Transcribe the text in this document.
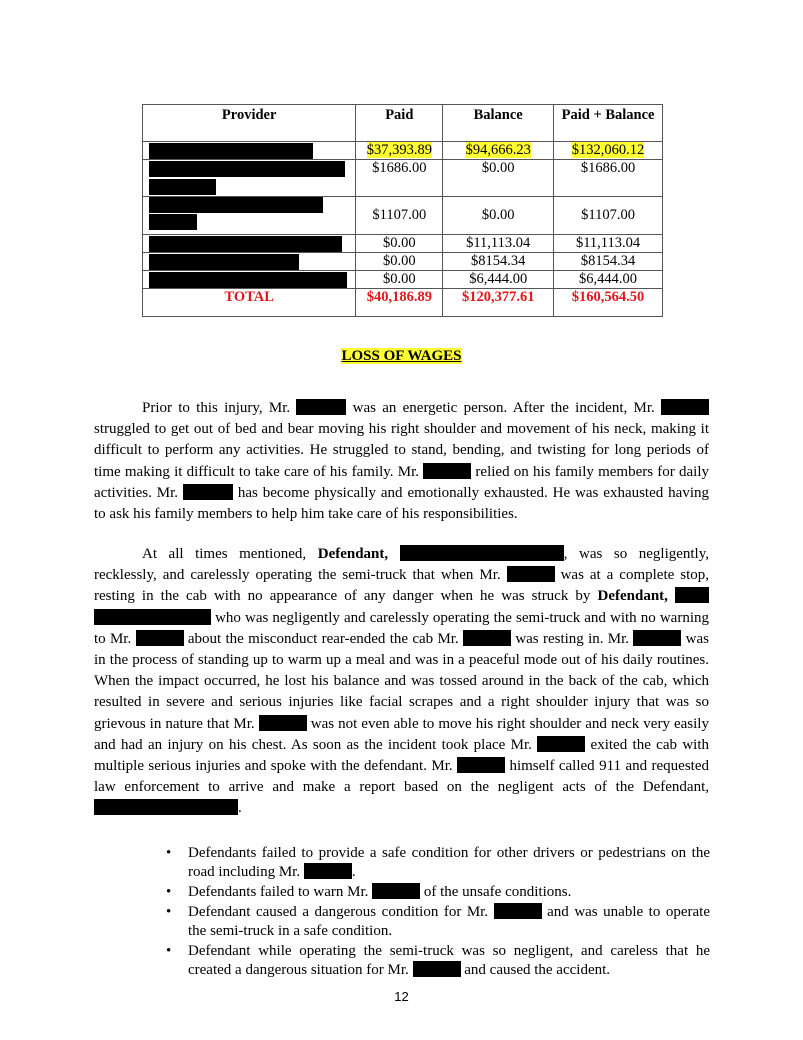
Provider	Paid	Balance	Paid + Balance

	$37,393.89	$94,666.23	$132,060.12

	$1686.00	$0.00	$1686.00

	$1107.00	$0.00	$1107.00

	$0.00	$11,113.04	$11,113.04

	$0.00	$8154.34	$8154.34

	$0.00	$6,444.00	$6,444.00
TOTAL	$40,186.89	$120,377.61	$160,564.50
LOSS OF WAGES

Prior to this injury, Mr.	was an energetic person. After the incident, Mr.  struggled to get out of bed and bear moving his right shoulder and movement of his neck, making it difficult to perform any activities. He struggled to stand, bending, and twisting for long periods of time making it difficult to take care of his family. Mr.	relied on his family members for daily activities. Mr.	has become physically and emotionally exhausted. He was exhausted having to ask his family members to help him take care of his responsibilities.

At all times mentioned, Defendant,	, was so negligently, recklessly, and carelessly operating the semi-truck that when Mr.	was at a complete stop, resting in the cab with no appearance of any danger when he was struck by Defendant,   who was negligently and carelessly operating the semi-truck and with no warning to Mr.	about the misconduct rear-ended the cab Mr.	was resting in. Mr.	was in the process of standing up to warm up a meal and was in a peaceful mode out of his daily routines. When the impact occurred, he lost his balance and was tossed around in the back of the cab, which resulted in severe and serious injuries like facial scrapes and a right shoulder injury that was so grievous in nature that Mr.	was not even able to move his right shoulder and neck very easily and had an injury on his chest. As soon as the incident took place Mr.	exited the cab with multiple serious injuries and spoke with the defendant. Mr.	himself called 911 and requested law enforcement to arrive and make a report based on the negligent acts of the Defendant, .

• Defendants failed to provide a safe condition for other drivers or pedestrians on the road including Mr.	.
• Defendants failed to warn Mr.	of the unsafe conditions.
• Defendant caused a dangerous condition for Mr.	and was unable to operate the semi-truck in a safe condition.
• Defendant while operating the semi-truck was so negligent, and careless that he created a dangerous situation for Mr.	and caused the accident.
12
